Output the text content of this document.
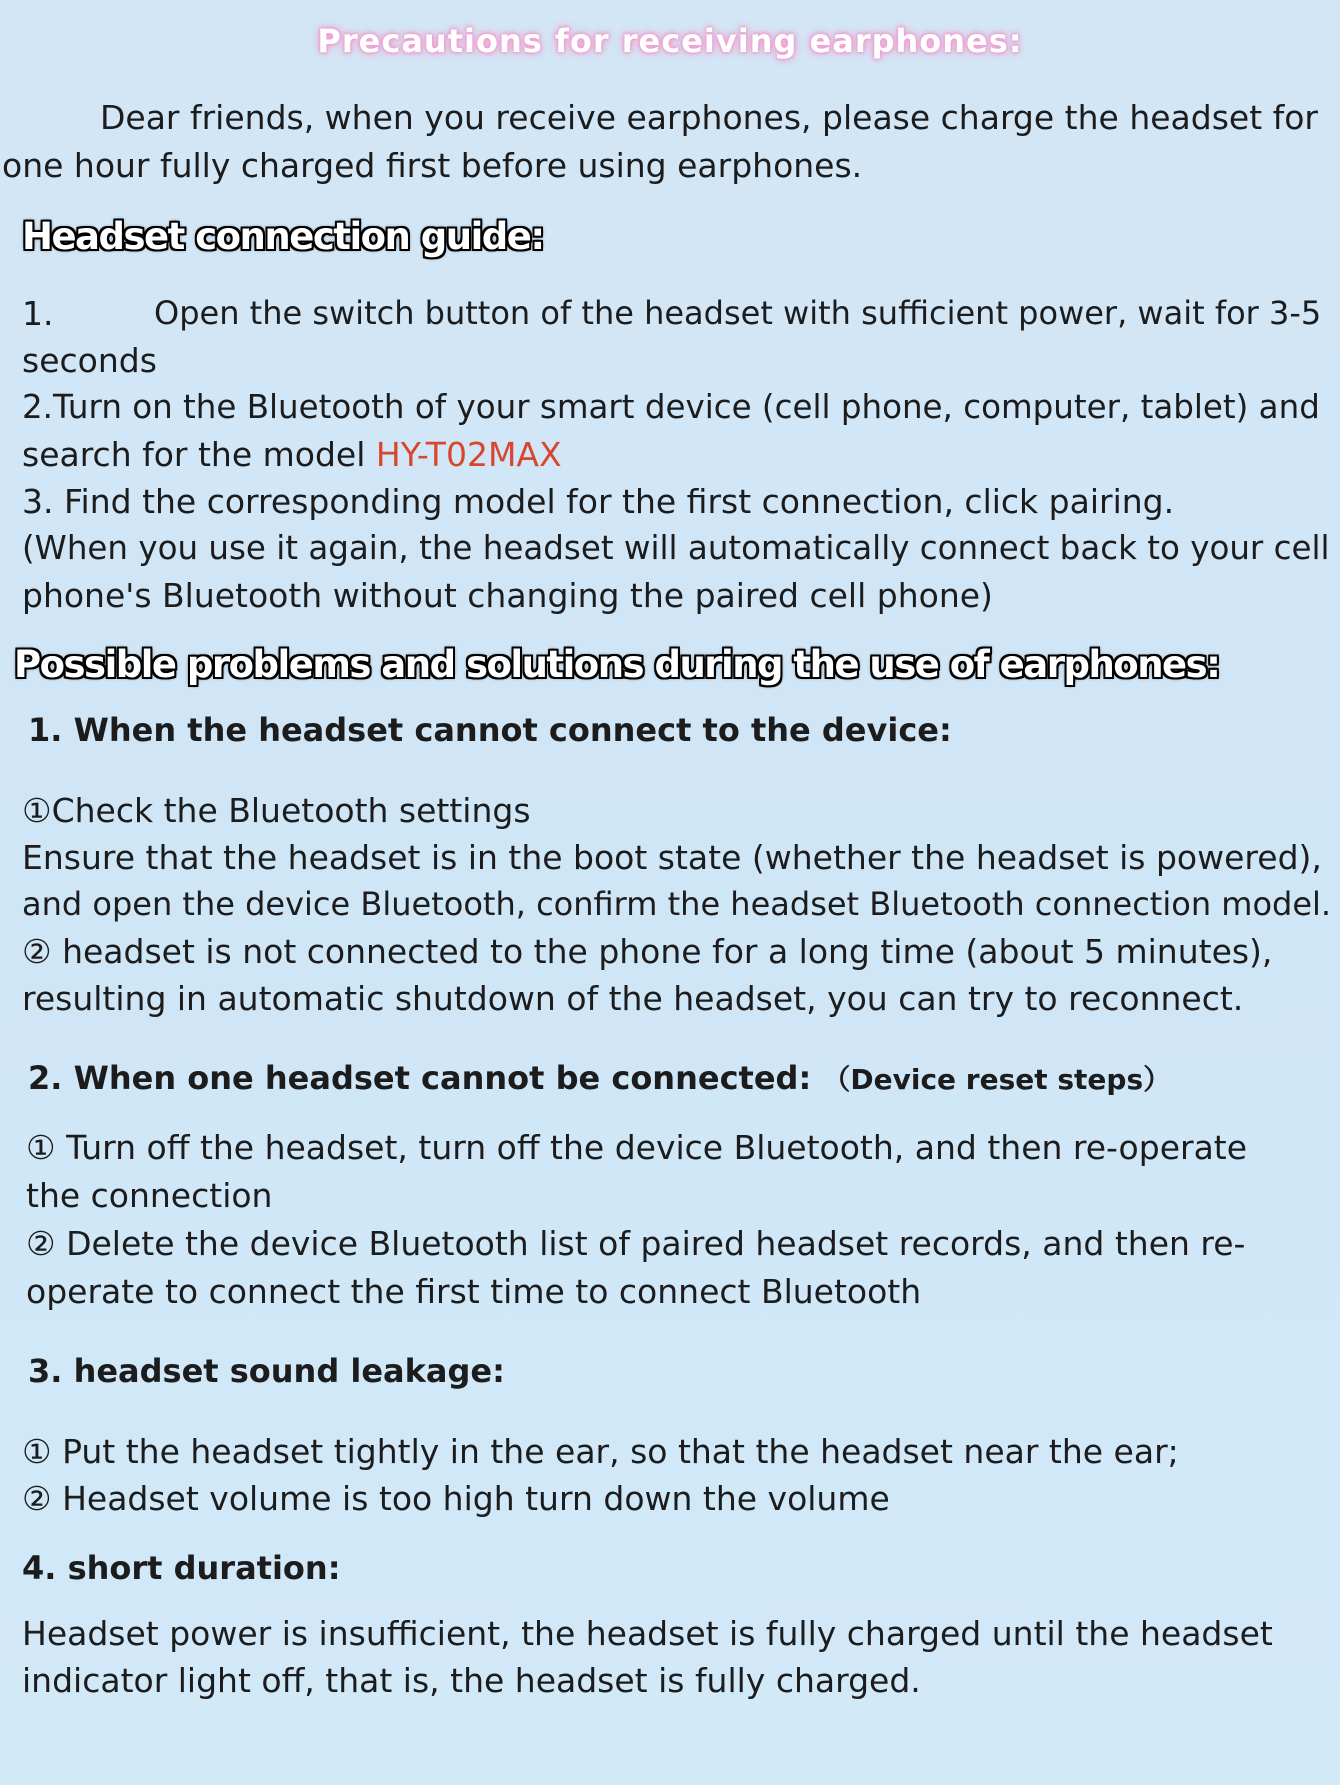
Precautions for receiving earphones:
Dear friends, when you receive earphones, please charge the headset for
one hour fully charged first before using earphones.
Headset connection guide:
1.	Open the switch button of the headset with sufficient power, wait for 3-5
seconds
2.Turn on the Bluetooth of your smart device (cell phone, computer, tablet) and
search for the model HY-T02MAX
3. Find the corresponding model for the first connection, click pairing.
(When you use it again, the headset will automatically connect back to your cell
phone's Bluetooth without changing the paired cell phone)
Possible problems and solutions during the use of earphones:
1. When the headset cannot connect to the device:
①Check the Bluetooth settings
Ensure that the headset is in the boot state (whether the headset is powered),
and open the device Bluetooth, confirm the headset Bluetooth connection model.
② headset is not connected to the phone for a long time (about 5 minutes),
resulting in automatic shutdown of the headset, you can try to reconnect.
2. When one headset cannot be connected: （Device reset steps）
① Turn off the headset, turn off the device Bluetooth, and then re-operate
the connection
② Delete the device Bluetooth list of paired headset records, and then re-
operate to connect the first time to connect Bluetooth
3. headset sound leakage:
① Put the headset tightly in the ear, so that the headset near the ear;
② Headset volume is too high turn down the volume
4. short duration:
Headset power is insufficient, the headset is fully charged until the headset
indicator light off, that is, the headset is fully charged.
